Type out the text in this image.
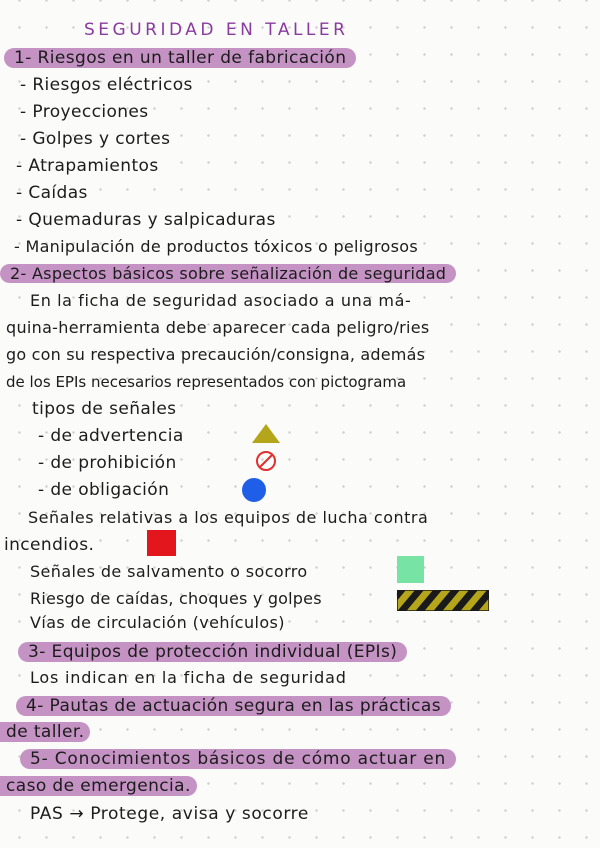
SEGURIDAD EN TALLER
1- Riesgos en un taller de fabricación
- Riesgos eléctricos
- Proyecciones
- Golpes y cortes
- Atrapamientos
- Caídas
- Quemaduras y salpicaduras
- Manipulación de productos tóxicos o peligrosos
2- Aspectos básicos sobre señalización de seguridad
En la ficha de seguridad asociado a una má-
quina-herramienta debe aparecer cada peligro/ries
go con su respectiva precaución/consigna, además
de los EPIs necesarios representados con pictograma
tipos de señales
- de advertencia
- de prohibición
- de obligación
Señales relativas a los equipos de lucha contra
incendios.
Señales de salvamento o socorro
Riesgo de caídas, choques y golpes
Vías de circulación (vehículos)
3- Equipos de protección individual (EPIs)
Los indican en la ficha de seguridad
4- Pautas de actuación segura en las prácticas
de taller.
5- Conocimientos básicos de cómo actuar en
caso de emergencia.
PAS → Protege, avisa y socorre
